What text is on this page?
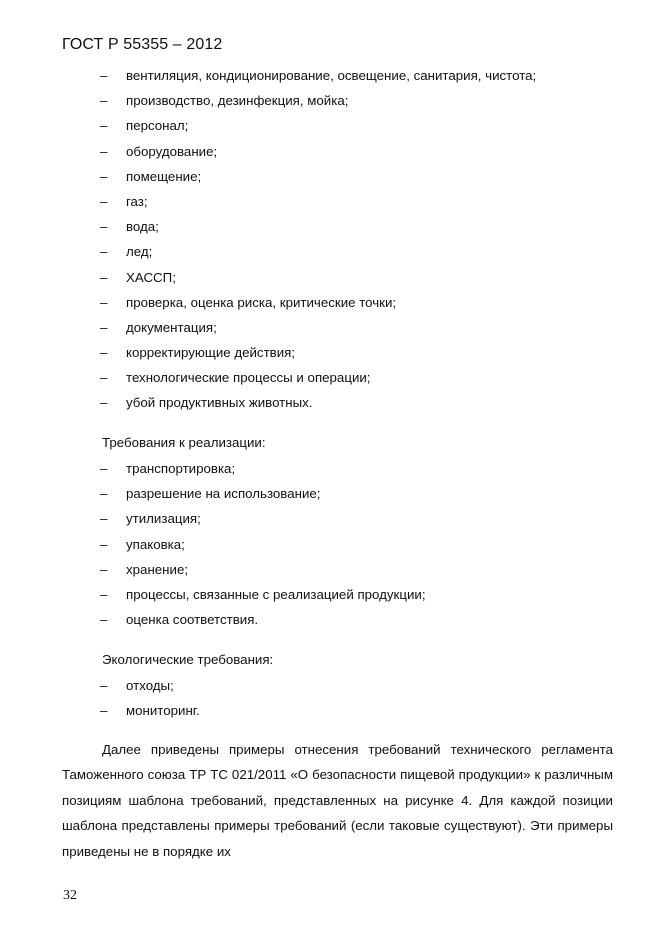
ГОСТ Р 55355 – 2012
– вентиляция, кондиционирование, освещение, санитария, чистота;
– производство, дезинфекция, мойка;
– персонал;
– оборудование;
– помещение;
– газ;
– вода;
– лед;
– ХАССП;
– проверка, оценка риска, критические точки;
– документация;
– корректирующие действия;
– технологические процессы и операции;
– убой продуктивных животных.
Требования к реализации:
– транспортировка;
– разрешение на использование;
– утилизация;
– упаковка;
– хранение;
– процессы, связанные с реализацией продукции;
– оценка соответствия.
Экологические требования:
– отходы;
– мониторинг.

Далее приведены примеры отнесения требований технического регламента Таможенного союза ТР ТС 021/2011 «О безопасности пищевой продукции» к различным позициям шаблона требований, представленных на рисунке 4. Для каждой позиции шаблона представлены примеры требований (если таковые существуют). Эти примеры приведены не в порядке их

32
